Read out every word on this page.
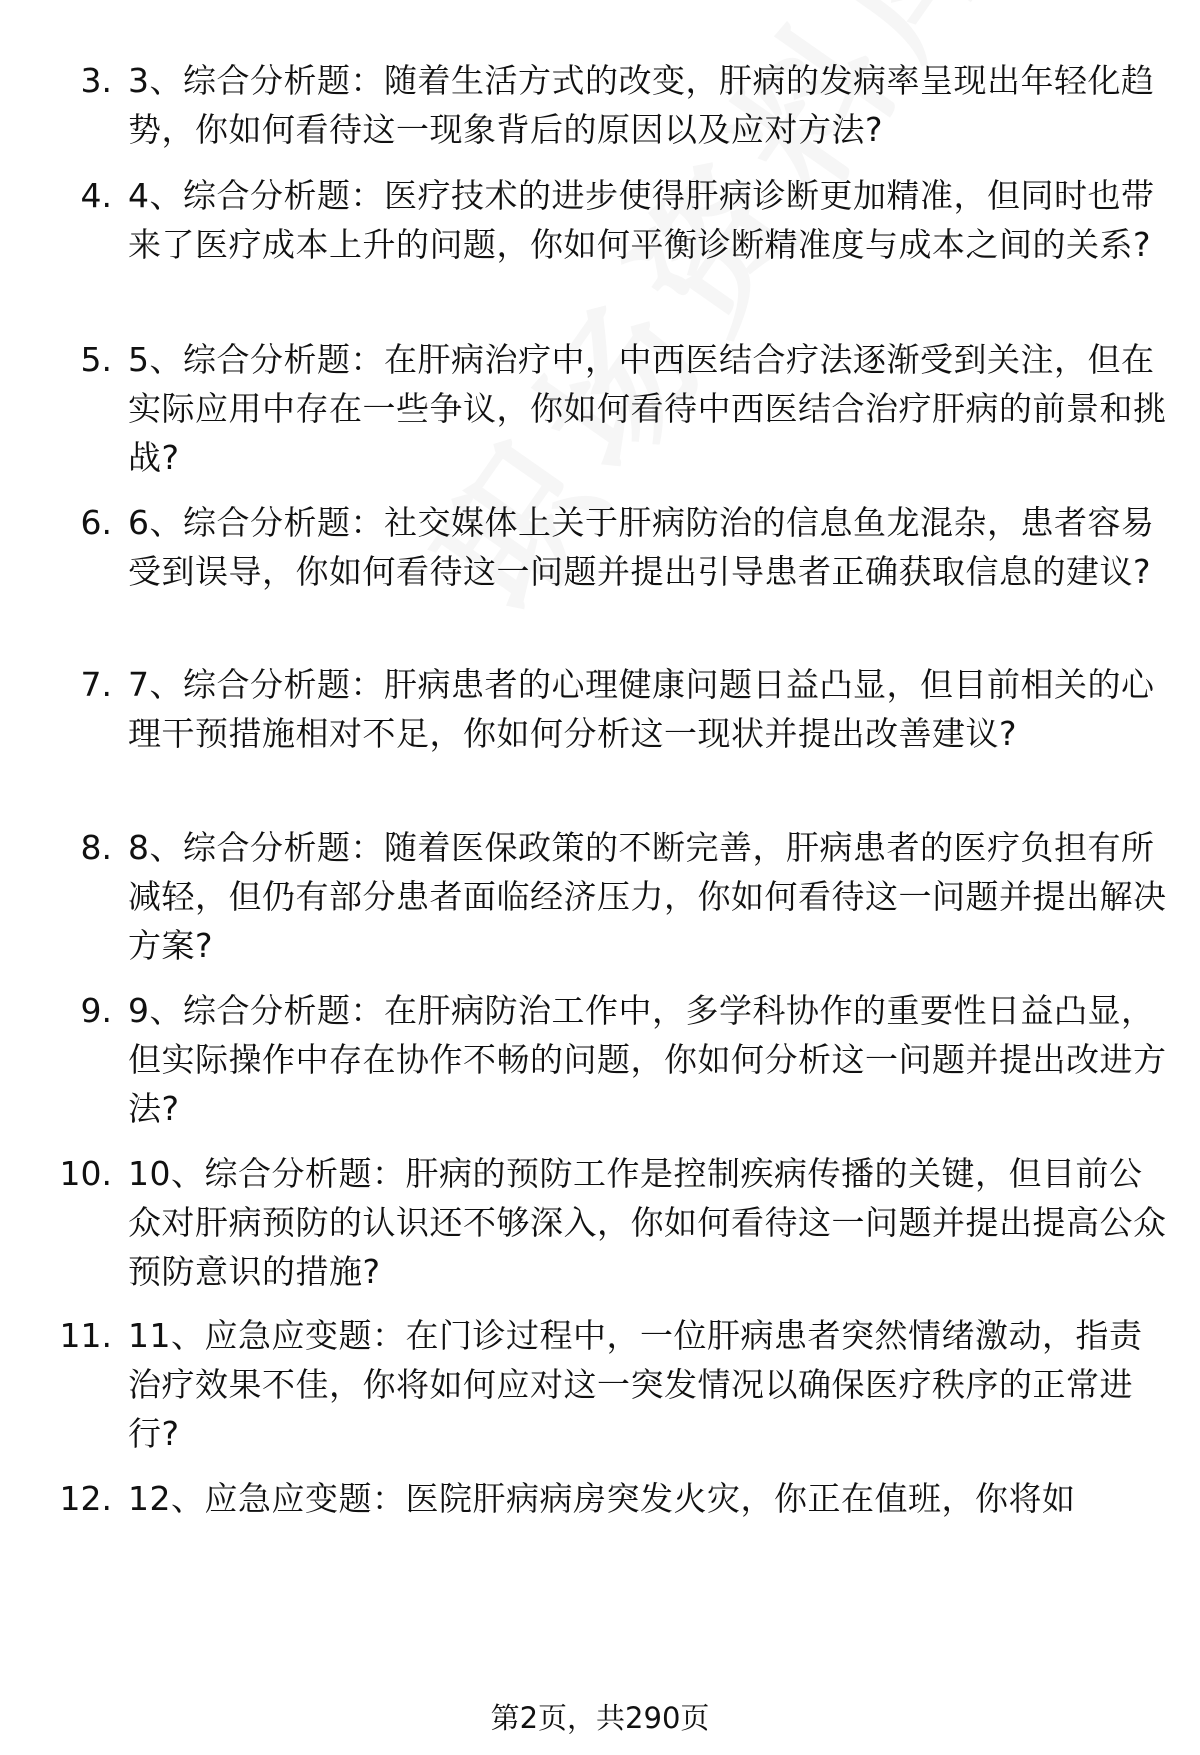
3. 3、综合分析题：随着生活方式的改变，肝病的发病率呈现出年轻化趋势，你如何看待这一现象背后的原因以及应对方法?
4. 4、综合分析题：医疗技术的进步使得肝病诊断更加精准，但同时也带来了医疗成本上升的问题，你如何平衡诊断精准度与成本之间的关系?
5. 5、综合分析题：在肝病治疗中，中西医结合疗法逐渐受到关注，但在实际应用中存在一些争议，你如何看待中西医结合治疗肝病的前景和挑战?
6. 6、综合分析题：社交媒体上关于肝病防治的信息鱼龙混杂，患者容易受到误导，你如何看待这一问题并提出引导患者正确获取信息的建议?
7. 7、综合分析题：肝病患者的心理健康问题日益凸显，但目前相关的心理干预措施相对不足，你如何分析这一现状并提出改善建议?
8. 8、综合分析题：随着医保政策的不断完善，肝病患者的医疗负担有所减轻，但仍有部分患者面临经济压力，你如何看待这一问题并提出解决方案?
9. 9、综合分析题：在肝病防治工作中，多学科协作的重要性日益凸显，但实际操作中存在协作不畅的问题，你如何分析这一问题并提出改进方法?
10. 10、综合分析题：肝病的预防工作是控制疾病传播的关键，但目前公众对肝病预防的认识还不够深入，你如何看待这一问题并提出提高公众预防意识的措施?
11. 11、应急应变题：在门诊过程中，一位肝病患者突然情绪激动，指责治疗效果不佳，你将如何应对这一突发情况以确保医疗秩序的正常进行?
12. 12、应急应变题：医院肝病病房突发火灾，你正在值班，你将如
第2页，共290页
